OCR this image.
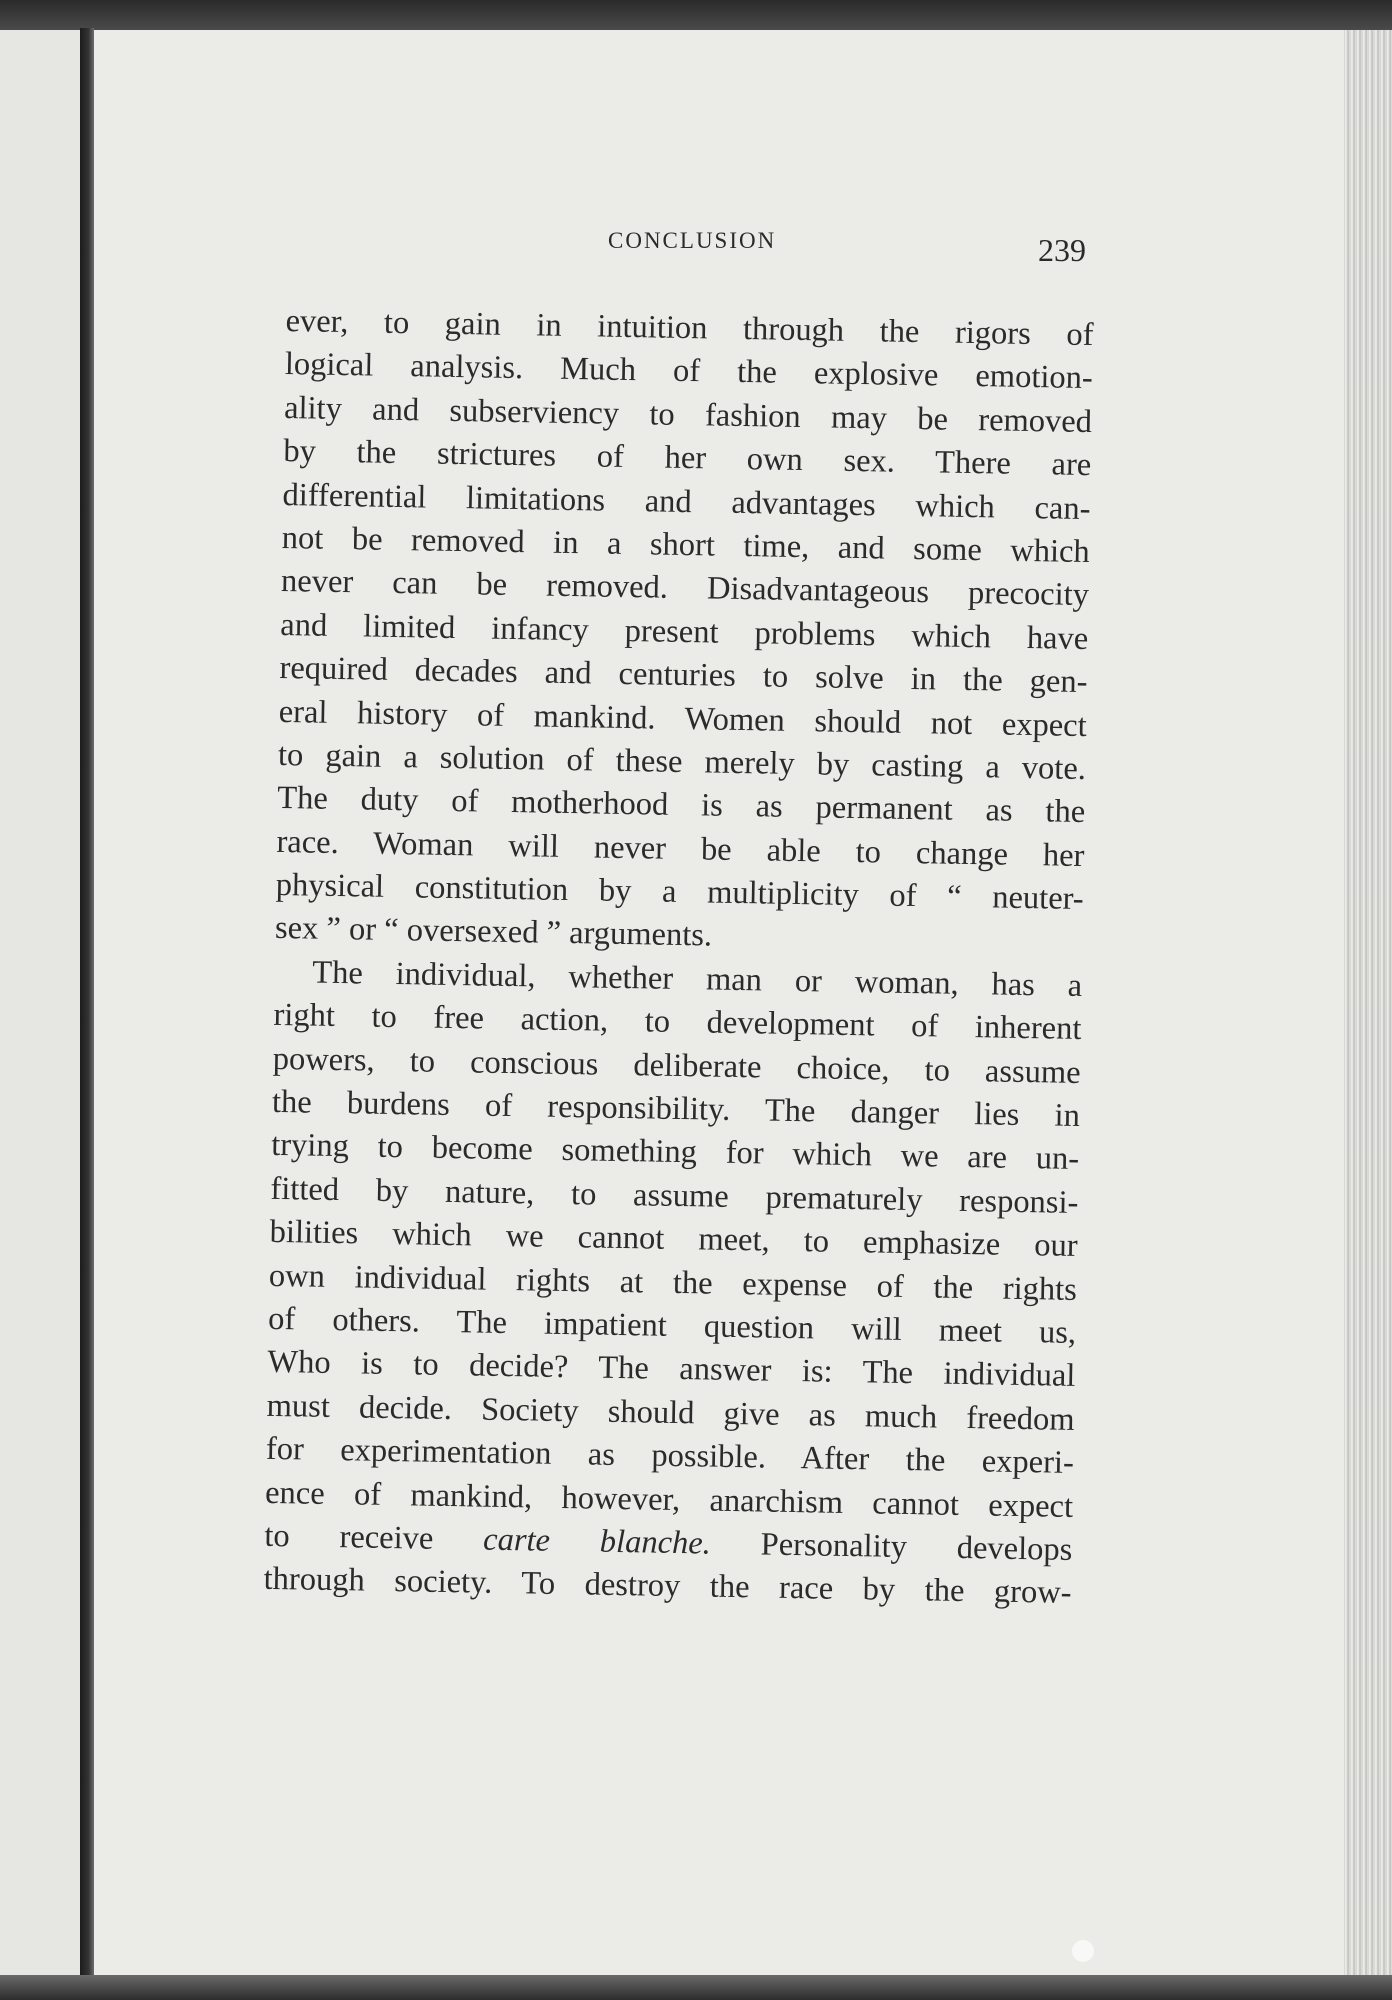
CONCLUSION	239
ever, to gain in intuition through the rigors of
logical analysis. Much of the explosive emotion-
ality and subserviency to fashion may be removed
by the strictures of her own sex. There are
differential limitations and advantages which can-
not be removed in a short time, and some which
never can be removed. Disadvantageous precocity
and limited infancy present problems which have
required decades and centuries to solve in the gen-
eral history of mankind. Women should not expect
to gain a solution of these merely by casting a vote.
The duty of motherhood is as permanent as the
race. Woman will never be able to change her
physical constitution by a multiplicity of “ neuter-
sex ” or “ oversexed ” arguments.
The individual, whether man or woman, has a
right to free action, to development of inherent
powers, to conscious deliberate choice, to assume
the burdens of responsibility. The danger lies in
trying to become something for which we are un-
fitted by nature, to assume prematurely responsi-
bilities which we cannot meet, to emphasize our
own individual rights at the expense of the rights
of others. The impatient question will meet us,
Who is to decide? The answer is: The individual
must decide. Society should give as much freedom
for experimentation as possible. After the experi-
ence of mankind, however, anarchism cannot expect
to receive carte blanche. Personality develops
through society. To destroy the race by the grow-
